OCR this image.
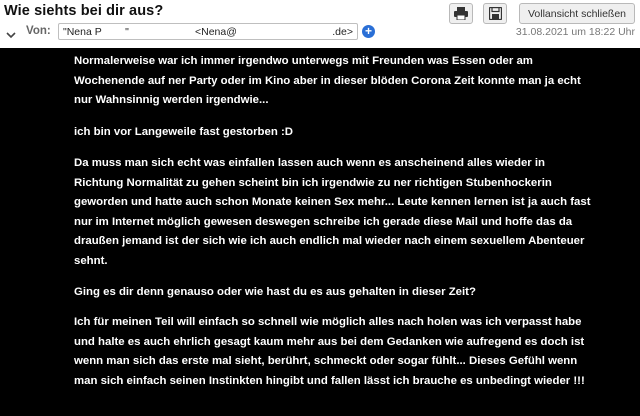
Wie siehts bei dir aus?	Vollansicht schließen
Von:	"Nena P        "	<Nena@	.de> +	31.08.2021 um 18:22 Uhr

Normalerweise war ich immer irgendwo unterwegs mit Freunden was Essen oder am Wochenende auf ner Party oder im Kino aber in dieser blöden Corona Zeit konnte man ja echt nur Wahnsinnig werden irgendwie...

ich bin vor Langeweile fast gestorben :D

Da muss man sich echt was einfallen lassen auch wenn es anscheinend alles wieder in Richtung Normalität zu gehen scheint bin ich irgendwie zu ner richtigen Stubenhockerin geworden und hatte auch schon Monate keinen Sex mehr... Leute kennen lernen ist ja auch fast nur im Internet möglich gewesen deswegen schreibe ich gerade diese Mail und hoffe das da draußen jemand ist der sich wie ich auch endlich mal wieder nach einem sexuellem Abenteuer sehnt.

Ging es dir denn genauso oder wie hast du es aus gehalten in dieser Zeit?

Ich für meinen Teil will einfach so schnell wie möglich alles nach holen was ich verpasst habe und halte es auch ehrlich gesagt kaum mehr aus bei dem Gedanken wie aufregend es doch ist wenn man sich das erste mal sieht, berührt, schmeckt oder sogar fühlt... Dieses Gefühl wenn man sich einfach seinen Instinkten hingibt und fallen lässt ich brauche es unbedingt wieder !!!
